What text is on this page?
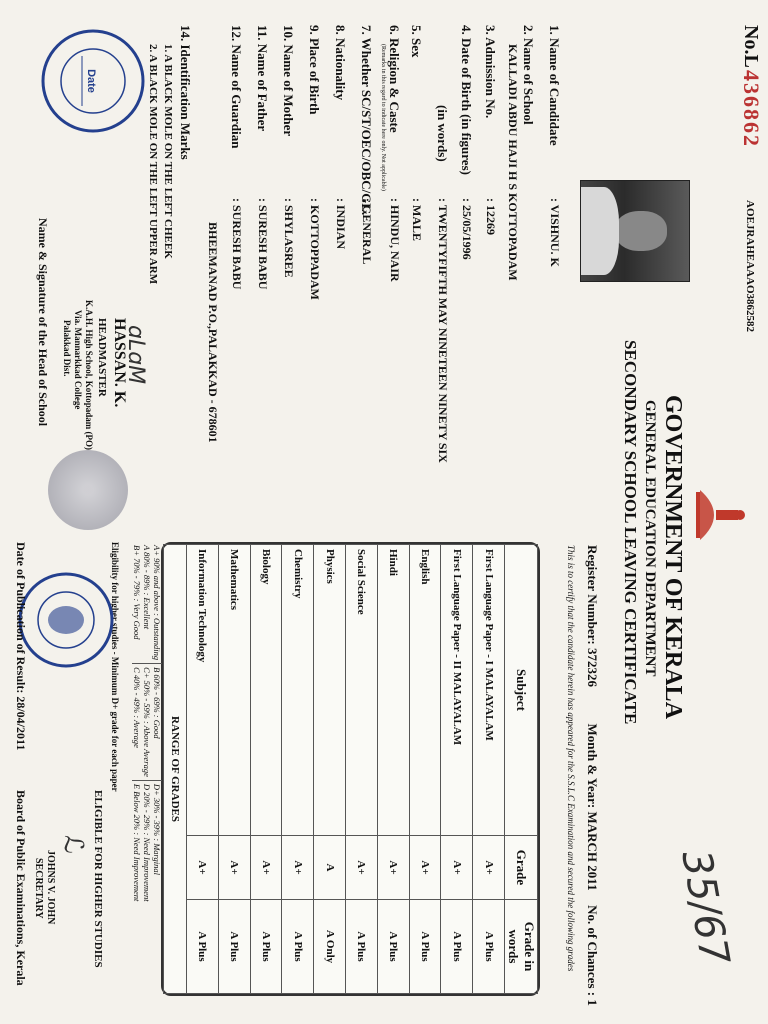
No.L
436862
AOEJRAHEAAAO3862582
GOVERNMENT OF KERALA
GENERAL EDUCATION DEPARTMENT
SECONDARY SCHOOL LEAVING CERTIFICATE
Register Number: 372326  Month & Year: MARCH 2011  No. of Chances : 1
This is to certify that the candidate herein has appeared for the S.S.L.C Examination and secured the following grades
1. Name of Candidate
: VISHNU. K
2. Name of School
KALLADI ABDU HAJI H S KOTTOPADAM
3. Admission No.
: 12269
4. Date of Birth (in figures)
: 25/05/1996
(in words)
: TWENTYFIFTH MAY NINETEEN NINETY SIX
5. Sex
: MALE
6. Religion & Caste
: HINDU, NAIR
(Remarks in this regard to indicate here only. Not applicable)
7. Whether SC/ST/OEC/OBC/GL.
: GENERAL
8. Nationality
: INDIAN
9. Place of Birth
: KOTTOPPADAM
10. Name of Mother
: SHYLASREE
11. Name of Father
: SURESH BABU
12. Name of Guardian
: SURESH BABU
BHEEMANAD P.O.,PALAKKAD - 678601
14. Identification Marks
1. A BLACK MOLE ON THE LEFT CHEEK
2. A BLACK MOLE ON THE LEFT UPPER ARM
Date
ɑLɑM
HASSAN. K.
HEADMASTER
K.A.H. High School, Kottopadam (PO)
Via. Mannarkkad College
Palakkad Dist.
Name & Signature of the Head of School
Subject	Grade	Grade in words
First Language Paper - I MALAYALAM	A+	A Plus
First Language Paper - II MALAYALAM	A+	A Plus
English	A+	A Plus
Hindi	A+	A Plus
Social Science	A+	A Plus
Physics	A	A Only
Chemistry	A+	A Plus
Biology	A+	A Plus
Mathematics	A+	A Plus
Information Technology	A+	A Plus
RANGE OF GRADES		
A+ 90% and above : Outstanding	B 60% - 69% : Good	D+ 30% - 39% : Marginal
A 80% - 89% : Excellent	C+ 50% - 59% : Above Average	D 20% - 29% : Need Improvement
B+ 70% - 79% : Very Good	C 40% - 49% : Average	E Below 20% : Need Improvement
Eligibility for higher studies - Minimum D+ grade for each paper
ELIGIBLE FOR HIGHER STUDIES
ℒ
JOHNS V. JOHN
SECRETARY
Board of Public Examinations, Kerala
Date of Publication of Result: 28/04/2011
35/67
